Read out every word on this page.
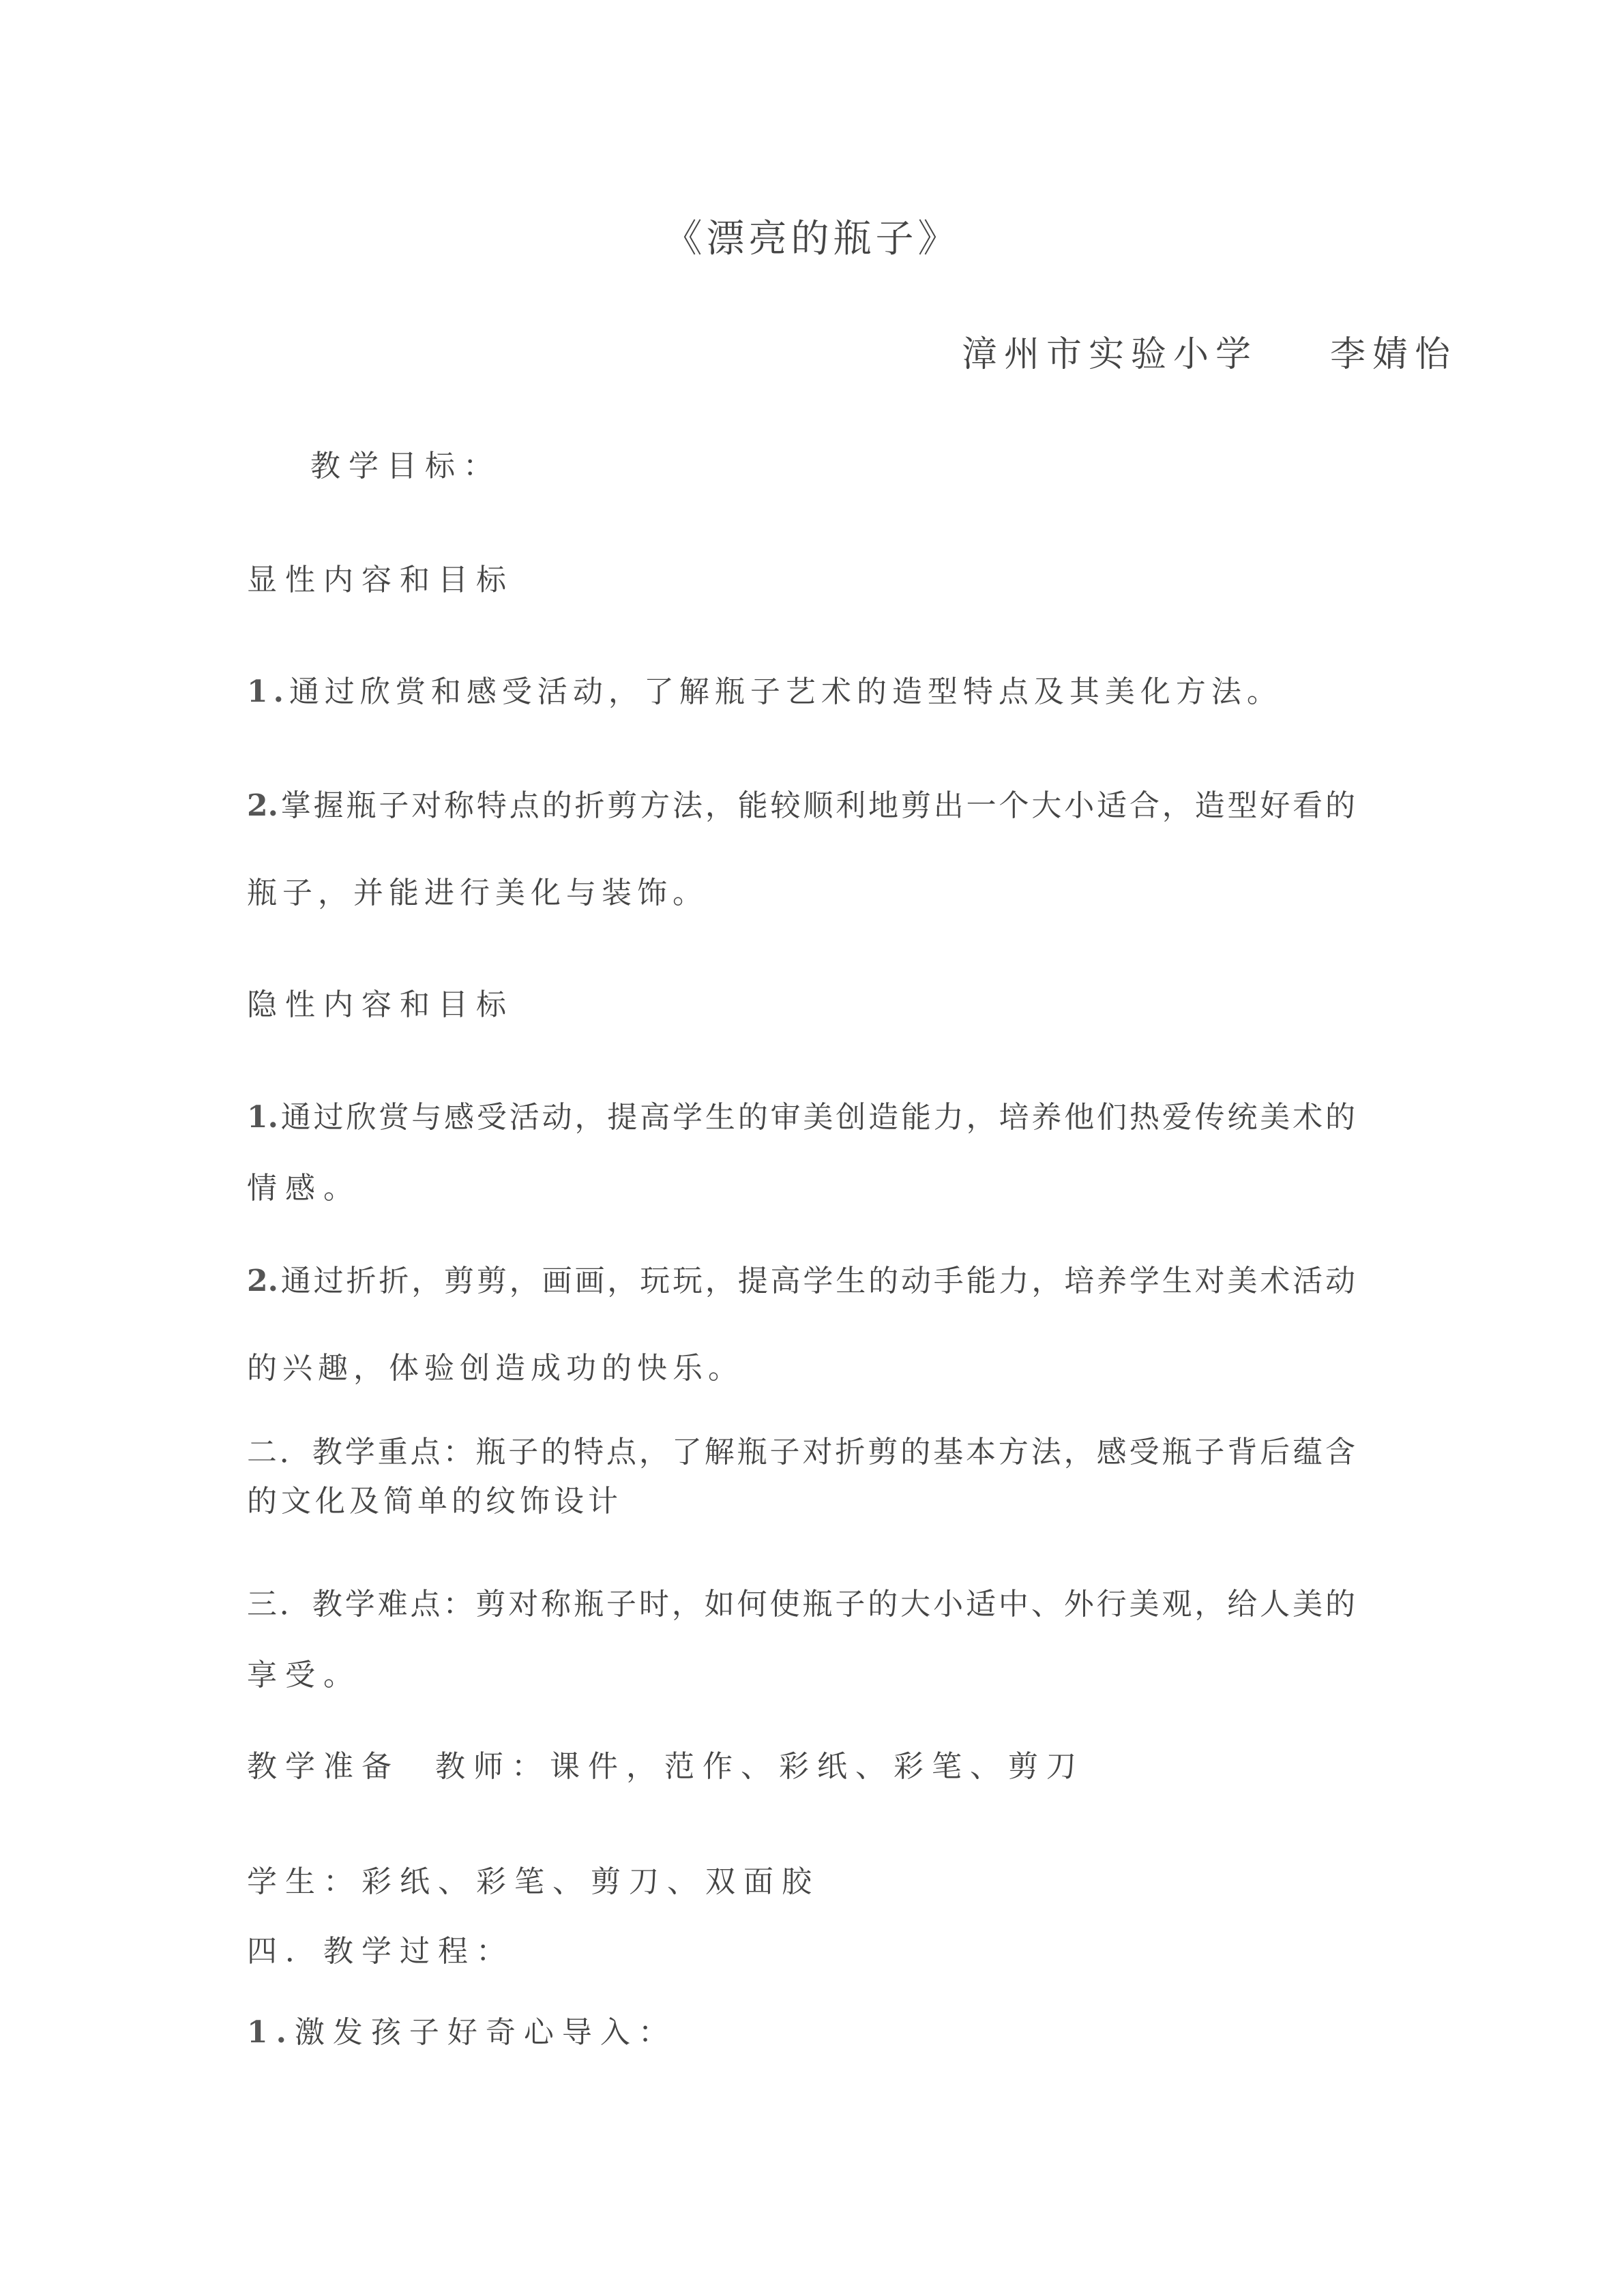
《漂亮的瓶子》
漳州市实验小学    李婧怡
教学目标：
显性内容和目标
1.通过欣赏和感受活动，了解瓶子艺术的造型特点及其美化方法。
2.掌握瓶子对称特点的折剪方法，能较顺利地剪出一个大小适合，造型好看的
瓶子，并能进行美化与装饰。
隐性内容和目标
1.通过欣赏与感受活动，提高学生的审美创造能力，培养他们热爱传统美术的
情感。
2.通过折折，剪剪，画画，玩玩，提高学生的动手能力，培养学生对美术活动
的兴趣，体验创造成功的快乐。
二．教学重点：瓶子的特点，了解瓶子对折剪的基本方法，感受瓶子背后蕴含
的文化及简单的纹饰设计
三．教学难点：剪对称瓶子时，如何使瓶子的大小适中、外行美观，给人美的
享受。
教学准备  教师：课件，范作、彩纸、彩笔、剪刀
学生：彩纸、彩笔、剪刀、双面胶
四．教学过程：
1.激发孩子好奇心导入：
